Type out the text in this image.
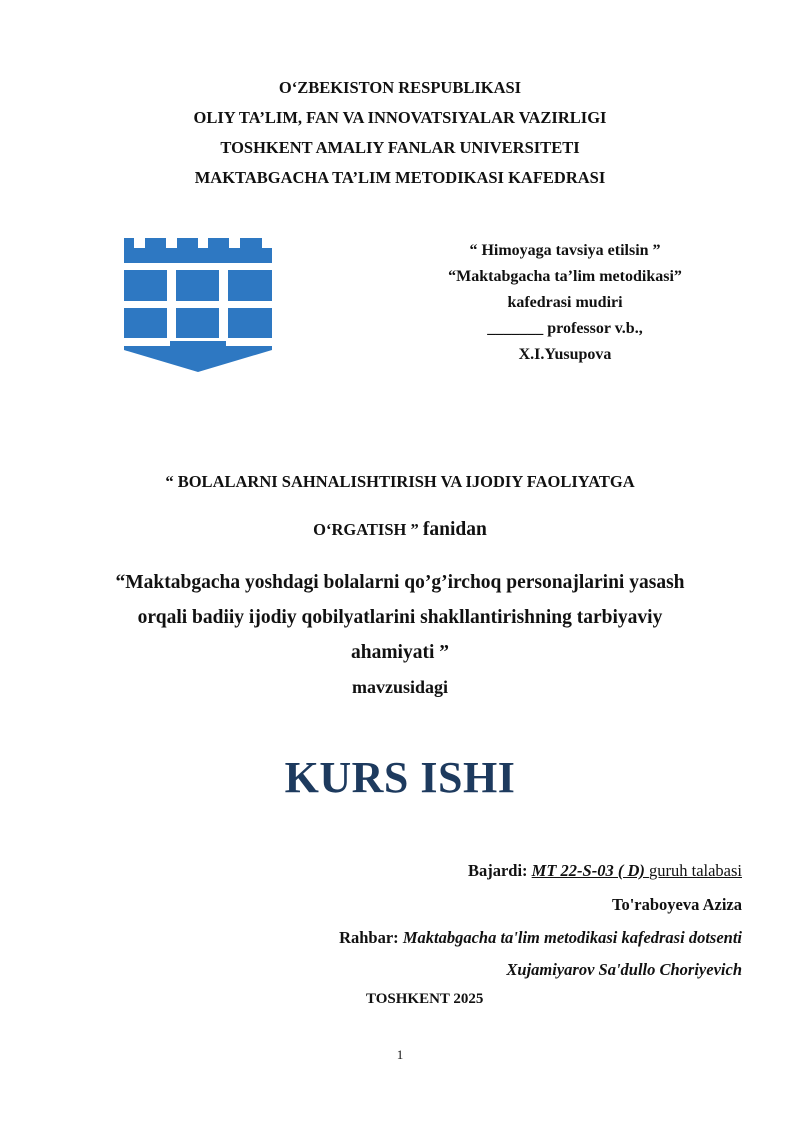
O‘ZBEKISTON RESPUBLIKASI
OLIY TA’LIM, FAN VA INNOVATSIYALAR VAZIRLIGI
TOSHKENT AMALIY FANLAR UNIVERSITETI
MAKTABGACHA TA’LIM METODIKASI KAFEDRASI
“ Himoyaga tavsiya etilsin ”
“Maktabgacha ta’lim metodikasi”
kafedrasi mudiri
_______ professor v.b.,
X.I.Yusupova
“ BOLALARNI SAHNALISHTIRISH VA IJODIY FAOLIYATGA
O‘RGATISH ” fanidan
“Maktabgacha yoshdagi bolalarni qo’g’irchoq personajlarini yasash
orqali badiiy ijodiy qobilyatlarini shakllantirishning tarbiyaviy
ahamiyati ”
mavzusidagi
KURS ISHI
Bajardi: MT 22-S-03 ( D) guruh talabasi
To'raboyeva Aziza
Rahbar: Maktabgacha ta'lim metodikasi kafedrasi dotsenti
Xujamiyarov Sa'dullo Choriyevich
TOSHKENT 2025
1
